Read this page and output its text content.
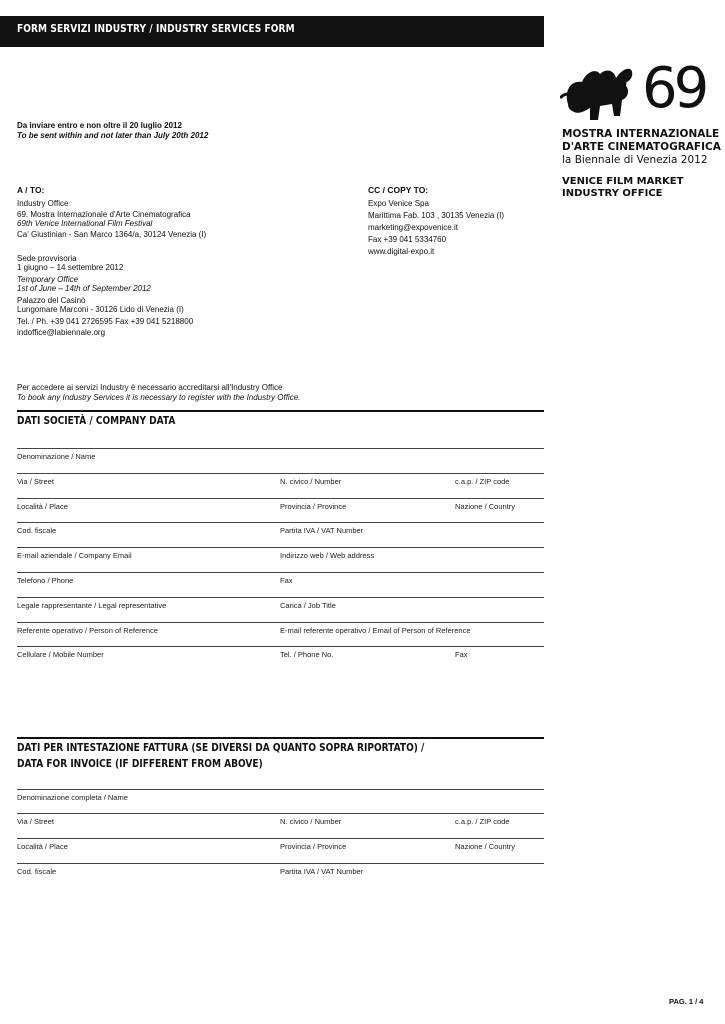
FORM SERVIZI INDUSTRY / INDUSTRY SERVICES FORM
69
MOSTRA INTERNAZIONALE
D'ARTE CINEMATOGRAFICA
la Biennale di Venezia 2012
VENICE FILM MARKET
INDUSTRY OFFICE
Da inviare entro e non oltre il 20 luglio 2012
To be sent within and not later than July 20th 2012
A / TO:
Industry Office
69. Mostra Internazionale d'Arte Cinematografica
69th Venice International Film Festival
Ca' Giustinian - San Marco 1364/a, 30124 Venezia (I)
Sede provvisoria
1 giugno – 14 settembre 2012
Temporary Office
1st of June – 14th of September 2012
Palazzo del Casinò
Lungomare Marconi - 30126 Lido di Venezia (I)
Tel. / Ph. +39 041 2726595 Fax +39 041 5218800
indoffice@labiennale.org
CC / COPY TO:
Expo Venice Spa
Marittima Fab. 103 , 30135 Venezia (I)
marketing@expovenice.it
Fax +39 041 5334760
www.digital-expo.it
Per accedere ai servizi Industry è necessario accreditarsi all'Industry Office
To book any Industry Services it is necessary to register with the Industry Office.
DATI SOCIETÀ / COMPANY DATA
Denominazione / Name
Via / Street	N. civico / Number	c.a.p. / ZIP code
Località / Place	Provincia / Province	Nazione / Country
Cod. fiscale	Partita IVA / VAT Number
E-mail aziendale / Company Email	Indirizzo web / Web address
Telefono / Phone	Fax
Legale rappresentante / Legal representative	Carica / Job Title
Referente operativo / Person of Reference	E-mail referente operativo / Email of Person of Reference
Cellulare / Mobile Number	Tel. / Phone No.	Fax
DATI PER INTESTAZIONE FATTURA (SE DIVERSI DA QUANTO SOPRA RIPORTATO) /
DATA FOR INVOICE (IF DIFFERENT FROM ABOVE)
Denominazione completa / Name
Via / Street	N. civico / Number	c.a.p. / ZIP code
Località / Place	Provincia / Province	Nazione / Country
Cod. fiscale	Partita IVA / VAT Number
PAG. 1 / 4
